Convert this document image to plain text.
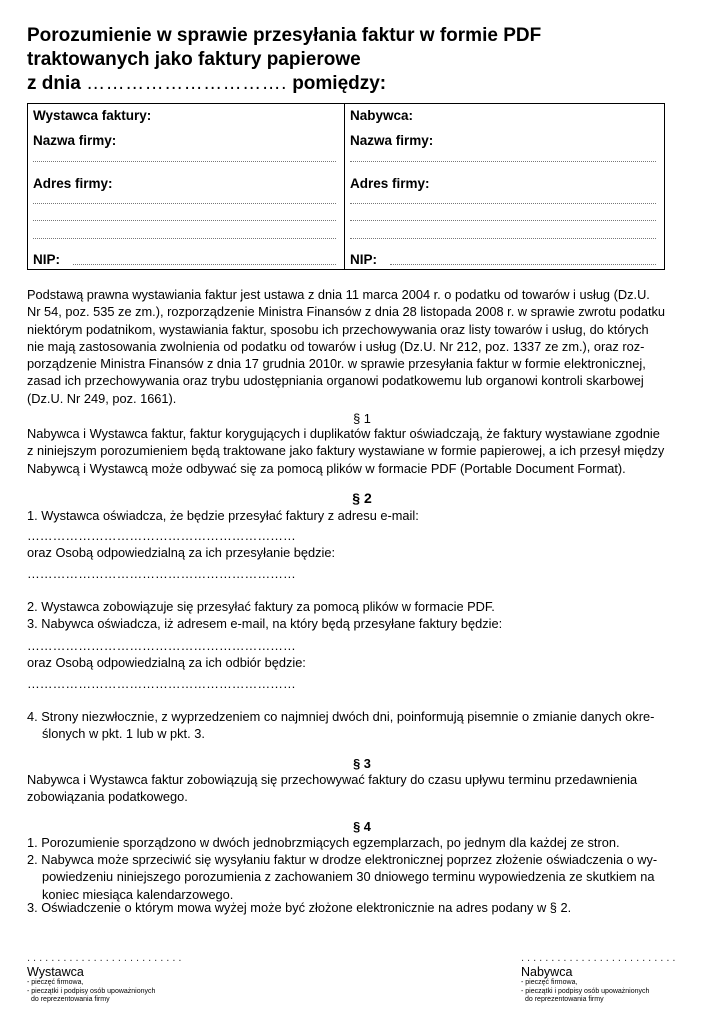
Porozumienie w sprawie przesyłania faktur w formie PDF
traktowanych jako faktury papierowe
z dnia …………………………. pomiędzy:
Wystawca faktury:
Nazwa firmy:
Adres firmy:
NIP:
Nabywca:
Nazwa firmy:
Adres firmy:
NIP:
Podstawą prawna wystawiania faktur jest ustawa z dnia 11 marca 2004 r. o podatku od towarów i usług (Dz.U.
Nr 54, poz. 535 ze zm.), rozporządzenie Ministra Finansów z dnia 28 listopada 2008 r. w sprawie zwrotu podatku
niektórym podatnikom, wystawiania faktur, sposobu ich przechowywania oraz listy towarów i usług, do których
nie mają zastosowania zwolnienia od podatku od towarów i usług (Dz.U. Nr 212, poz. 1337 ze zm.), oraz roz-
porządzenie Ministra Finansów z dnia 17 grudnia 2010r. w sprawie przesyłania faktur w formie elektronicznej,
zasad ich przechowywania oraz trybu udostępniania organowi podatkowemu lub organowi kontroli skarbowej
(Dz.U. Nr 249, poz. 1661).
§ 1
Nabywca i Wystawca faktur, faktur korygujących i duplikatów faktur oświadczają, że faktury wystawiane zgodnie
z niniejszym porozumieniem będą traktowane jako faktury wystawiane w formie papierowej, a ich przesył między
Nabywcą i Wystawcą może odbywać się za pomocą plików w formacie PDF (Portable Document Format).
§ 2
1. Wystawca oświadcza, że będzie przesyłać faktury z adresu e-mail:
………………………………………………………
oraz Osobą odpowiedzialną za ich przesyłanie będzie:
………………………………………………………
2. Wystawca zobowiązuje się przesyłać faktury za pomocą plików w formacie PDF.
3. Nabywca oświadcza, iż adresem e-mail, na który będą przesyłane faktury będzie:
………………………………………………………
oraz Osobą odpowiedzialną za ich odbiór będzie:
………………………………………………………
4. Strony niezwłocznie, z wyprzedzeniem co najmniej dwóch dni, poinformują pisemnie o zmianie danych okre-
ślonych w pkt. 1 lub w pkt. 3.
§ 3
Nabywca i Wystawca faktur zobowiązują się przechowywać faktury do czasu upływu terminu przedawnienia
zobowiązania podatkowego.
§ 4
1. Porozumienie sporządzono w dwóch jednobrzmiących egzemplarzach, po jednym dla każdej ze stron.
2. Nabywca może sprzeciwić się wysyłaniu faktur w drodze elektronicznej poprzez złożenie oświadczenia o wy-
powiedzeniu niniejszego porozumienia z zachowaniem 30 dniowego terminu wypowiedzenia ze skutkiem na
koniec miesiąca kalendarzowego.
3. Oświadczenie o którym mowa wyżej może być złożone elektronicznie na adres podany w § 2.
..........................
Wystawca
- pieczęć firmowa,
- pieczątki i podpisy osób upoważnionych
do reprezentowania firmy
..........................
Nabywca
- pieczęć firmowa,
- pieczątki i podpisy osób upoważnionych
do reprezentowania firmy
